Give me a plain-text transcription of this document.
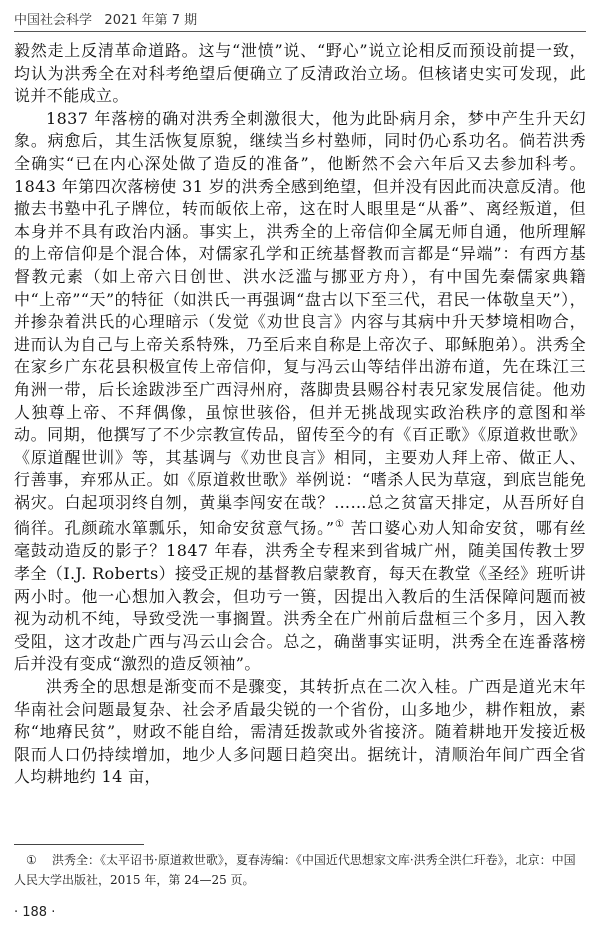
中国社会科学 2021 年第 7 期

毅然走上反清革命道路。这与“泄愤”说、“野心”说立论相反而预设前提一致，均认为洪秀全在对科考绝望后便确立了反清政治立场。但核诸史实可发现，此说并不能成立。

1837 年落榜的确对洪秀全刺激很大，他为此卧病月余，梦中产生升天幻象。病愈后，其生活恢复原貌，继续当乡村塾师，同时仍心系功名。倘若洪秀全确实“已在内心深处做了造反的准备”，他断然不会六年后又去参加科考。1843 年第四次落榜使 31 岁的洪秀全感到绝望，但并没有因此而决意反清。他撤去书塾中孔子牌位，转而皈依上帝，这在时人眼里是“从番”、离经叛道，但本身并不具有政治内涵。事实上，洪秀全的上帝信仰全属无师自通，他所理解的上帝信仰是个混合体，对儒家孔学和正统基督教而言都是“异端”：有西方基督教元素（如上帝六日创世、洪水泛滥与挪亚方舟），有中国先秦儒家典籍中“上帝”“天”的特征（如洪氏一再强调“盘古以下至三代，君民一体敬皇天”），并掺杂着洪氏的心理暗示（发觉《劝世良言》内容与其病中升天梦境相吻合，进而认为自己与上帝关系特殊，乃至后来自称是上帝次子、耶稣胞弟）。洪秀全在家乡广东花县积极宣传上帝信仰，复与冯云山等结伴出游布道，先在珠江三角洲一带，后长途跋涉至广西浔州府，落脚贵县赐谷村表兄家发展信徒。他劝人独尊上帝、不拜偶像，虽惊世骇俗，但并无挑战现实政治秩序的意图和举动。同期，他撰写了不少宗教宣传品，留传至今的有《百正歌》《原道救世歌》《原道醒世训》等，其基调与《劝世良言》相同，主要劝人拜上帝、做正人、行善事，弃邪从正。如《原道救世歌》举例说：“嗜杀人民为草寇，到底岂能免祸灾。白起项羽终自刎，黄巢李闯安在哉？……总之贫富天排定，从吾所好自徜徉。孔颜疏水箪瓢乐，知命安贫意气扬。”① 苦口婆心劝人知命安贫，哪有丝毫鼓动造反的影子？1847 年春，洪秀全专程来到省城广州，随美国传教士罗孝全（I.J. Roberts）接受正规的基督教启蒙教育，每天在教堂《圣经》班听讲两小时。他一心想加入教会，但功亏一篑，因提出入教后的生活保障问题而被视为动机不纯，导致受洗一事搁置。洪秀全在广州前后盘桓三个多月，因入教受阻，这才改赴广西与冯云山会合。总之，确凿事实证明，洪秀全在连番落榜后并没有变成“激烈的造反领袖”。

洪秀全的思想是渐变而不是骤变，其转折点在二次入桂。广西是道光末年华南社会问题最复杂、社会矛盾最尖锐的一个省份，山多地少，耕作粗放，素称“地瘠民贫”，财政不能自给，需清廷拨款或外省接济。随着耕地开发接近极限而人口仍持续增加，地少人多问题日趋突出。据统计，清顺治年间广西全省人均耕地约 14 亩，

① 洪秀全：《太平诏书·原道救世歌》，夏春涛编：《中国近代思想家文库·洪秀全洪仁玕卷》，北京：中国人民大学出版社，2015 年，第 24—25 页。
· 188 ·
